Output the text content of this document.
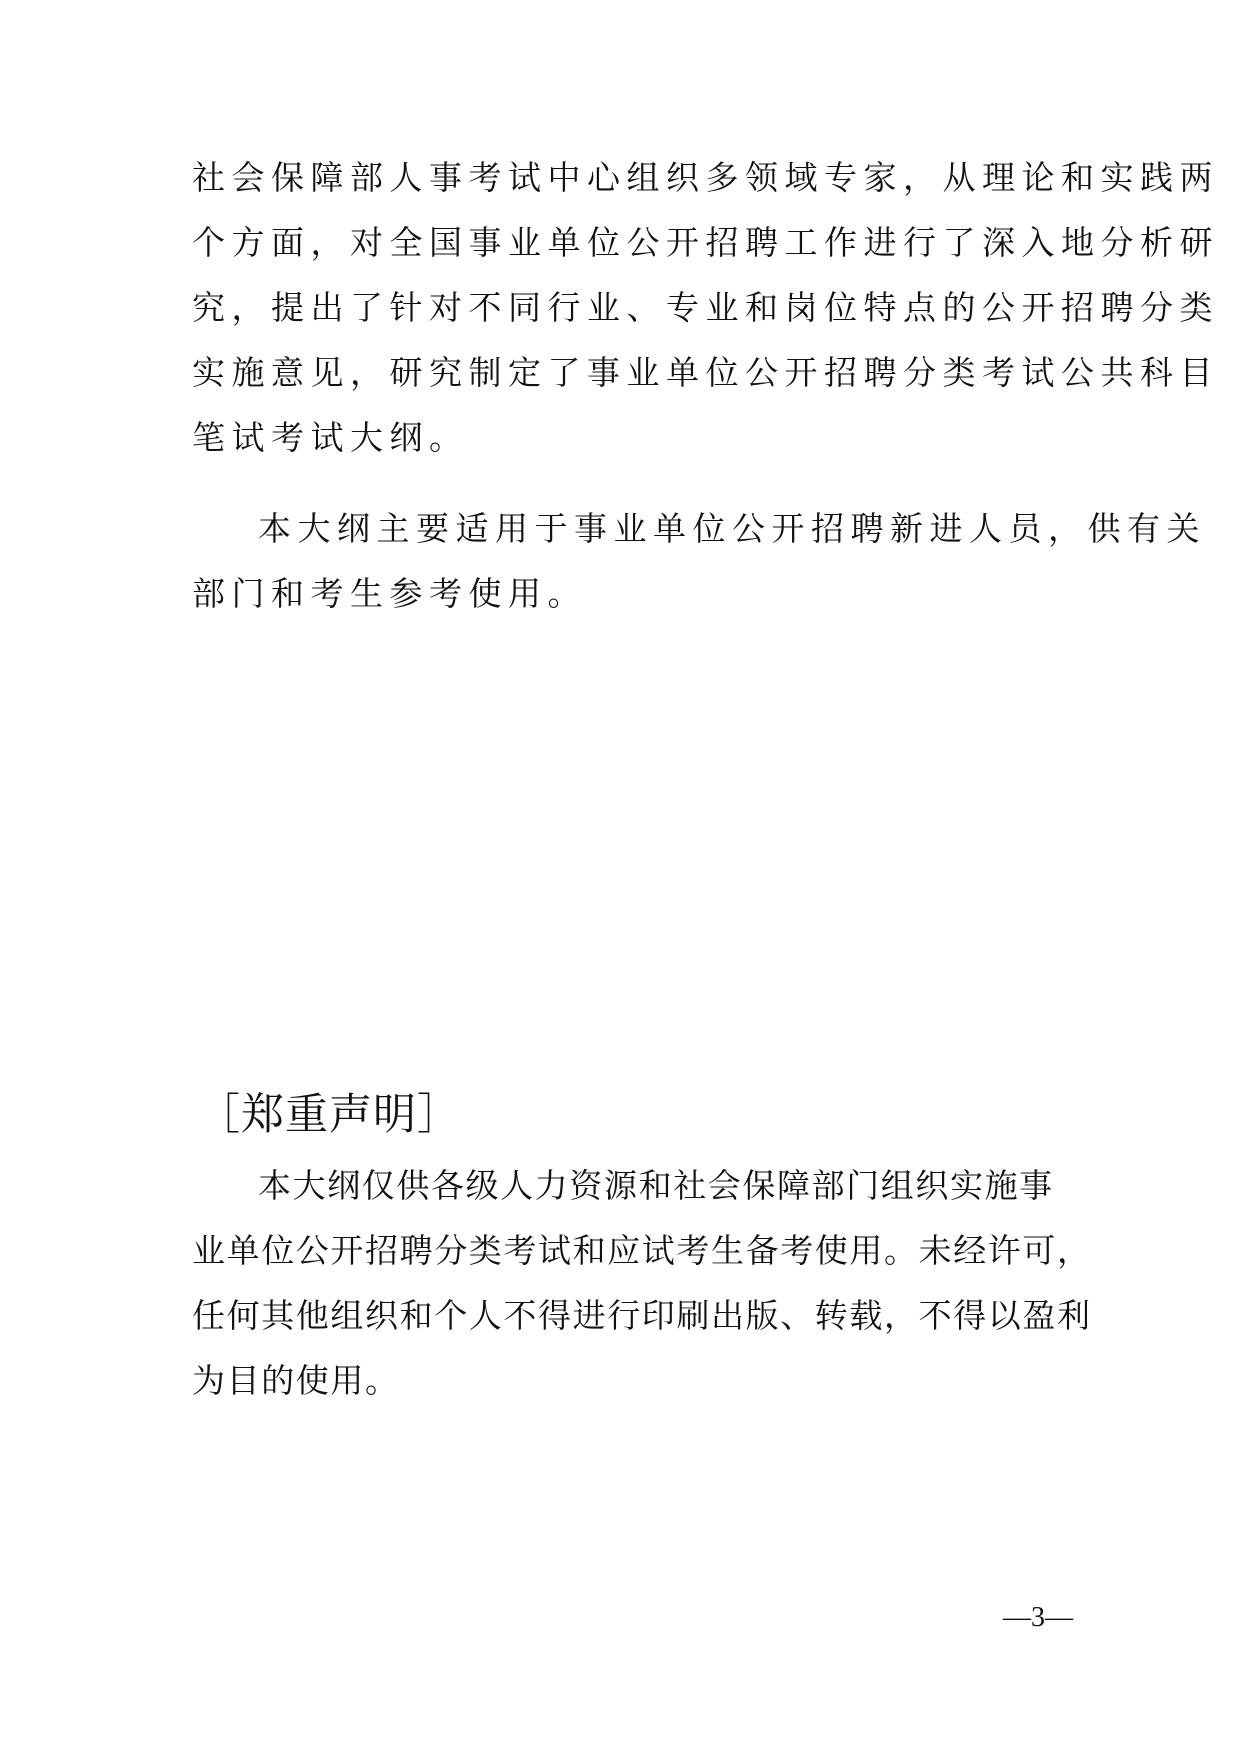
社会保障部人事考试中心组织多领域专家，从理论和实践两
个方面，对全国事业单位公开招聘工作进行了深入地分析研
究，提出了针对不同行业、专业和岗位特点的公开招聘分类
实施意见，研究制定了事业单位公开招聘分类考试公共科目
笔试考试大纲。
本大纲主要适用于事业单位公开招聘新进人员，供有关
部门和考生参考使用。
［郑重声明］
本大纲仅供各级人力资源和社会保障部门组织实施事
业单位公开招聘分类考试和应试考生备考使用。未经许可，
任何其他组织和个人不得进行印刷出版、转载，不得以盈利
为目的使用。
—3—
